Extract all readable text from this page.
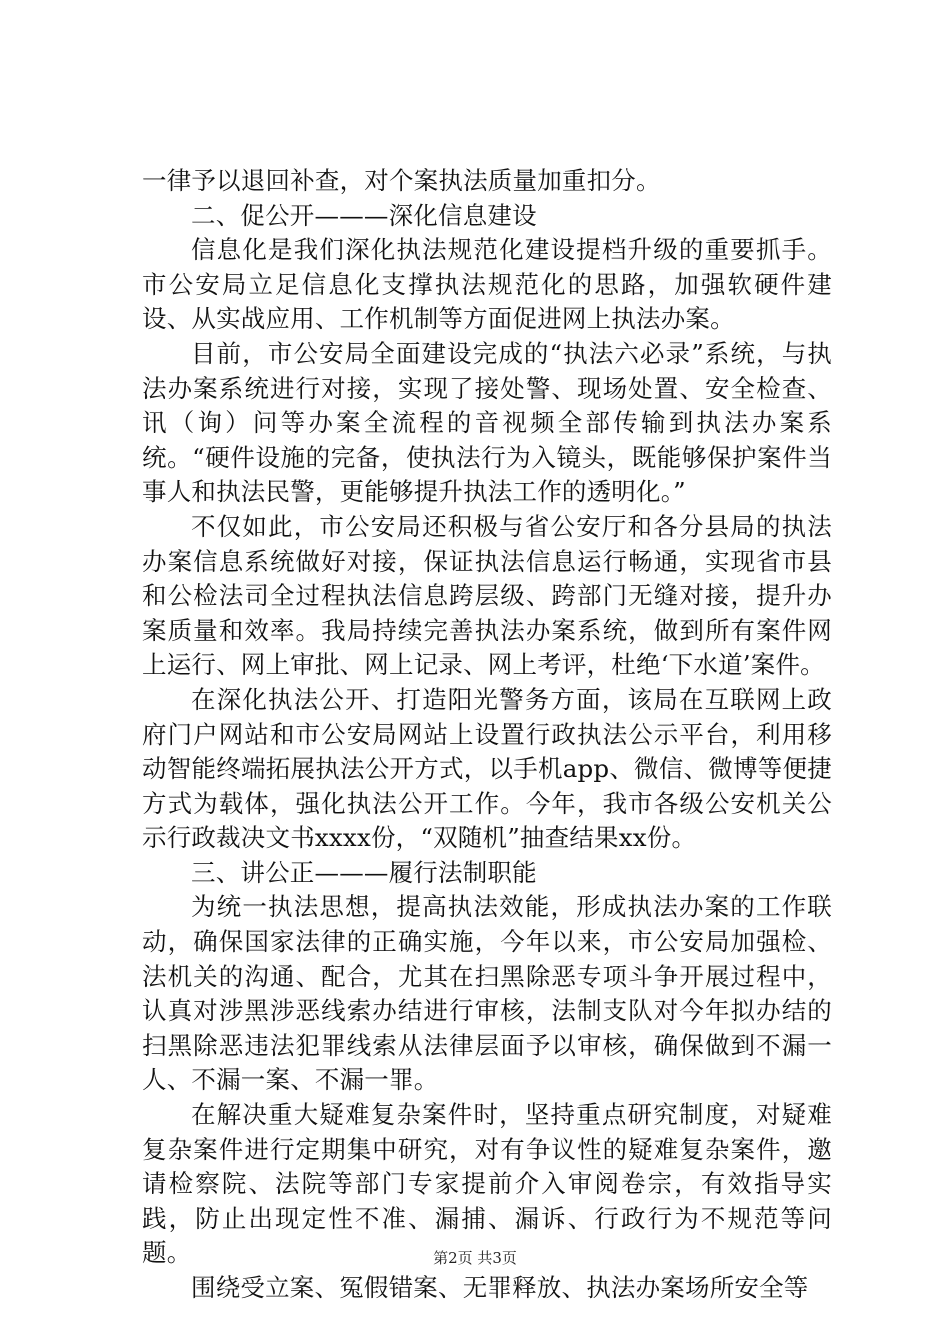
一律予以退回补查，对个案执法质量加重扣分。

二、促公开———深化信息建设

信息化是我们深化执法规范化建设提档升级的重要抓手。市公安局立足信息化支撑执法规范化的思路，加强软硬件建设、从实战应用、工作机制等方面促进网上执法办案。

目前，市公安局全面建设完成的“执法六必录”系统，与执法办案系统进行对接，实现了接处警、现场处置、安全检查、讯（询）问等办案全流程的音视频全部传输到执法办案系统。“硬件设施的完备，使执法行为入镜头，既能够保护案件当事人和执法民警，更能够提升执法工作的透明化。”

不仅如此，市公安局还积极与省公安厅和各分县局的执法办案信息系统做好对接，保证执法信息运行畅通，实现省市县和公检法司全过程执法信息跨层级、跨部门无缝对接，提升办案质量和效率。我局持续完善执法办案系统，做到所有案件网上运行、网上审批、网上记录、网上考评，杜绝‘下水道’案件。

在深化执法公开、打造阳光警务方面，该局在互联网上政府门户网站和市公安局网站上设置行政执法公示平台，利用移动智能终端拓展执法公开方式，以手机app、微信、微博等便捷方式为载体，强化执法公开工作。今年，我市各级公安机关公示行政裁决文书xxxx份，“双随机”抽查结果xx份。

三、讲公正———履行法制职能

为统一执法思想，提高执法效能，形成执法办案的工作联动，确保国家法律的正确实施，今年以来，市公安局加强检、法机关的沟通、配合，尤其在扫黑除恶专项斗争开展过程中，认真对涉黑涉恶线索办结进行审核，法制支队对今年拟办结的扫黑除恶违法犯罪线索从法律层面予以审核，确保做到不漏一人、不漏一案、不漏一罪。

在解决重大疑难复杂案件时，坚持重点研究制度，对疑难复杂案件进行定期集中研究，对有争议性的疑难复杂案件，邀请检察院、法院等部门专家提前介入审阅卷宗，有效指导实践，防止出现定性不准、漏捕、漏诉、行政行为不规范等问题。

围绕受立案、冤假错案、无罪释放、执法办案场所安全等

第2页 共3页
